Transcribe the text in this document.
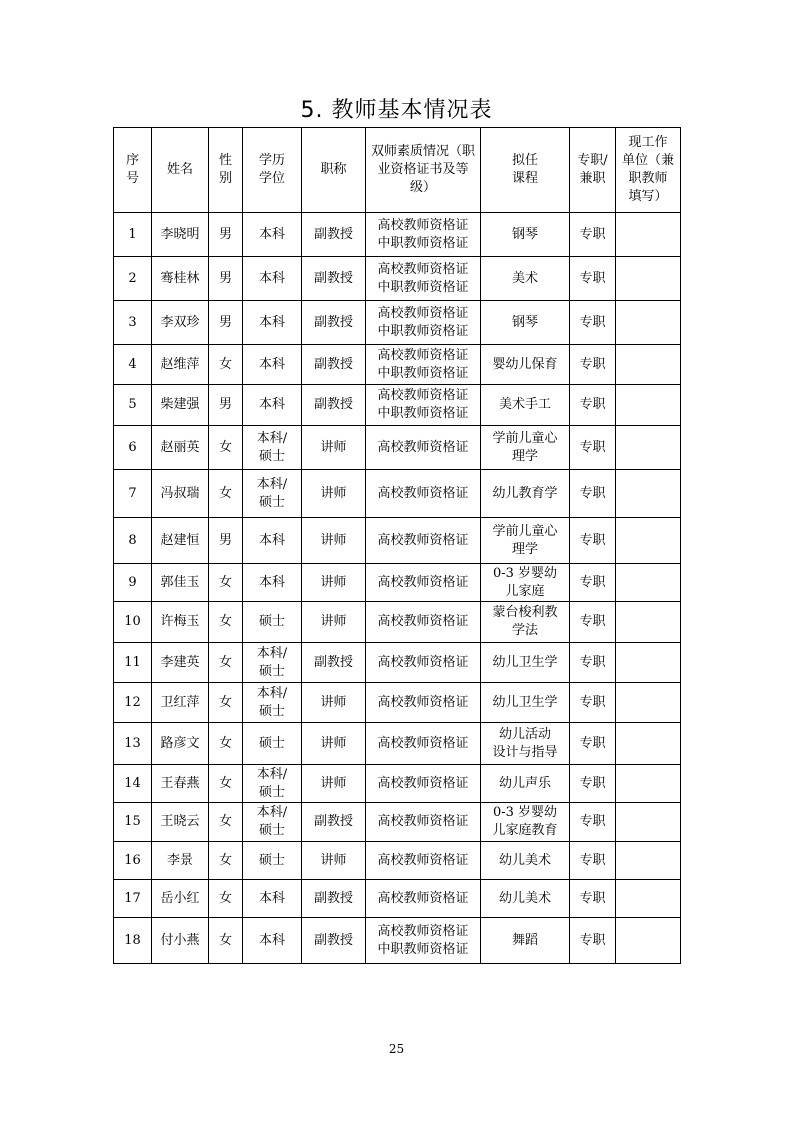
5. 教师基本情况表
序
号	姓名	性
别	学历
学位	职称	双师素质情况（职
业资格证书及等
级）	拟任
课程	专职/
兼职	现工作
单位（兼
职教师
填写）

1	李晓明	男	本科	副教授	高校教师资格证
中职教师资格证	钢琴	专职	
2	骞桂林	男	本科	副教授	高校教师资格证
中职教师资格证	美术	专职	
3	李双珍	男	本科	副教授	高校教师资格证
中职教师资格证	钢琴	专职	
4	赵维萍	女	本科	副教授	高校教师资格证
中职教师资格证	婴幼儿保育	专职	
5	柴建强	男	本科	副教授	高校教师资格证
中职教师资格证	美术手工	专职	
6	赵丽英	女	本科/
硕士	讲师	高校教师资格证	学前儿童心
理学	专职	
7	冯叔瑞	女	本科/
硕士	讲师	高校教师资格证	幼儿教育学	专职	
8	赵建恒	男	本科	讲师	高校教师资格证	学前儿童心
理学	专职	
9	郭佳玉	女	本科	讲师	高校教师资格证	0-3 岁婴幼
儿家庭	专职	
10	许梅玉	女	硕士	讲师	高校教师资格证	蒙台梭利教
学法	专职	
11	李建英	女	本科/
硕士	副教授	高校教师资格证	幼儿卫生学	专职	
12	卫红萍	女	本科/
硕士	讲师	高校教师资格证	幼儿卫生学	专职	
13	路彦文	女	硕士	讲师	高校教师资格证	幼儿活动
设计与指导	专职	
14	王春燕	女	本科/
硕士	讲师	高校教师资格证	幼儿声乐	专职	
15	王晓云	女	本科/
硕士	副教授	高校教师资格证	0-3 岁婴幼
儿家庭教育	专职	
16	李景	女	硕士	讲师	高校教师资格证	幼儿美术	专职	
17	岳小红	女	本科	副教授	高校教师资格证	幼儿美术	专职	
18	付小燕	女	本科	副教授	高校教师资格证
中职教师资格证	舞蹈	专职	
25
